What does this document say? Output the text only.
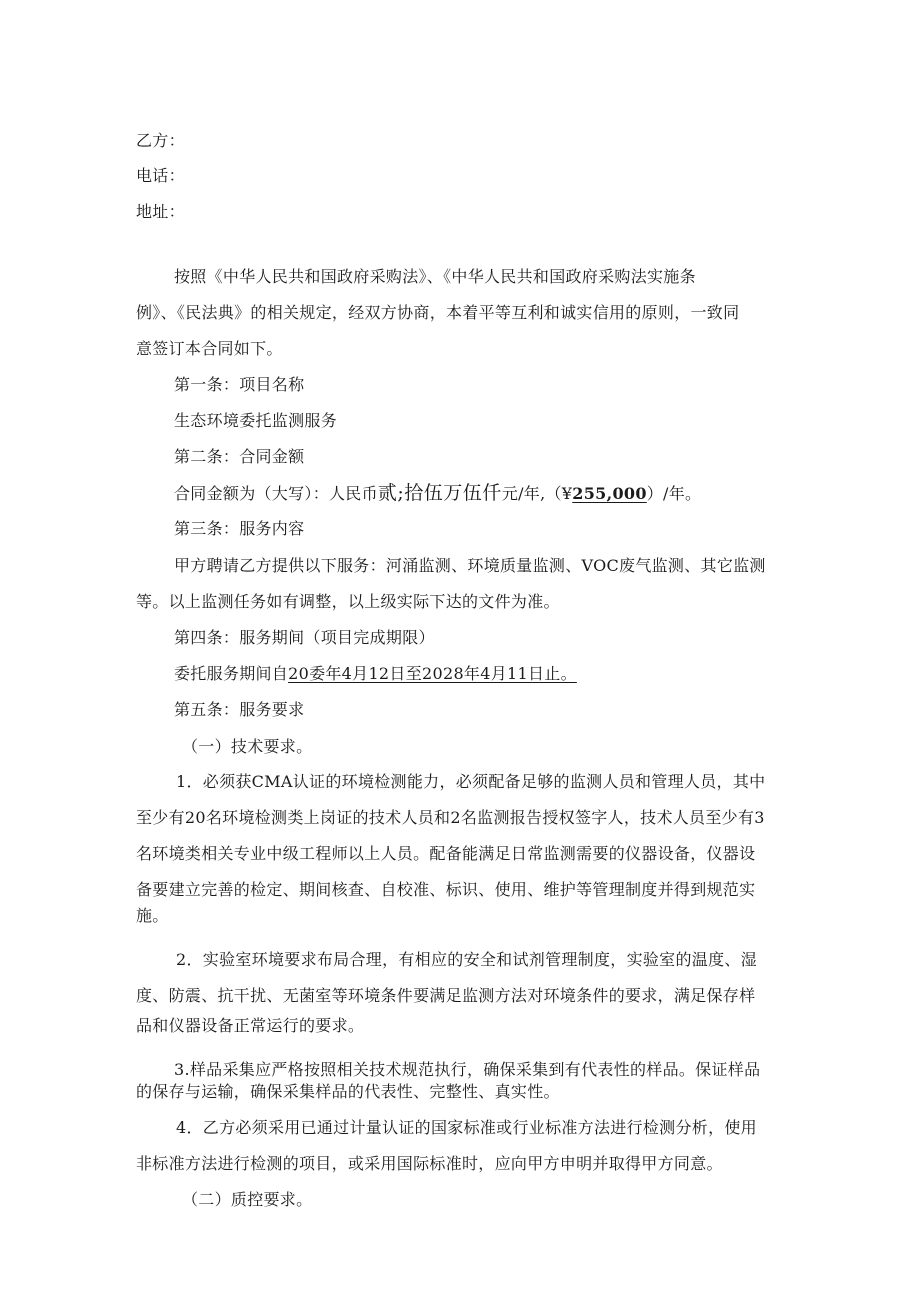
乙方：
电话：
地址：
按照《中华人民共和国政府采购法》、《中华人民共和国政府采购法实施条
例》、《民法典》的相关规定，经双方协商，本着平等互利和诚实信用的原则，一致同
意签订本合同如下。
第一条：项目名称
生态环境委托监测服务
第二条：合同金额
合同金额为（大写）：人民币贰;拾伍万伍仟元/年,（¥255,000）/年。
第三条：服务内容
甲方聘请乙方提供以下服务：河涌监测、环境质量监测、VOC废气监测、其它监测
等。以上监测任务如有调整，以上级实际下达的文件为准。
第四条：服务期间（项目完成期限）
委托服务期间自20委年4月12日至2028年4月11日止。
第五条：服务要求
（一）技术要求。
1．必须获CMA认证的环境检测能力，必须配备足够的监测人员和管理人员，其中
至少有20名环境检测类上岗证的技术人员和2名监测报告授权签字人，技术人员至少有3
名环境类相关专业中级工程师以上人员。配备能满足日常监测需要的仪器设备，仪器设
备要建立完善的检定、期间核查、自校准、标识、使用、维护等管理制度并得到规范实
施。
2．实验室环境要求布局合理，有相应的安全和试剂管理制度，实验室的温度、湿
度、防震、抗干扰、无菌室等环境条件要满足监测方法对环境条件的要求，满足保存样
品和仪器设备正常运行的要求。
3.样品采集应严格按照相关技术规范执行，确保采集到有代表性的样品。保证样品
的保存与运输，确保采集样品的代表性、完整性、真实性。
4．乙方必须采用已通过计量认证的国家标准或行业标准方法进行检测分析，使用
非标准方法进行检测的项目，或采用国际标准时，应向甲方申明并取得甲方同意。
（二）质控要求。
